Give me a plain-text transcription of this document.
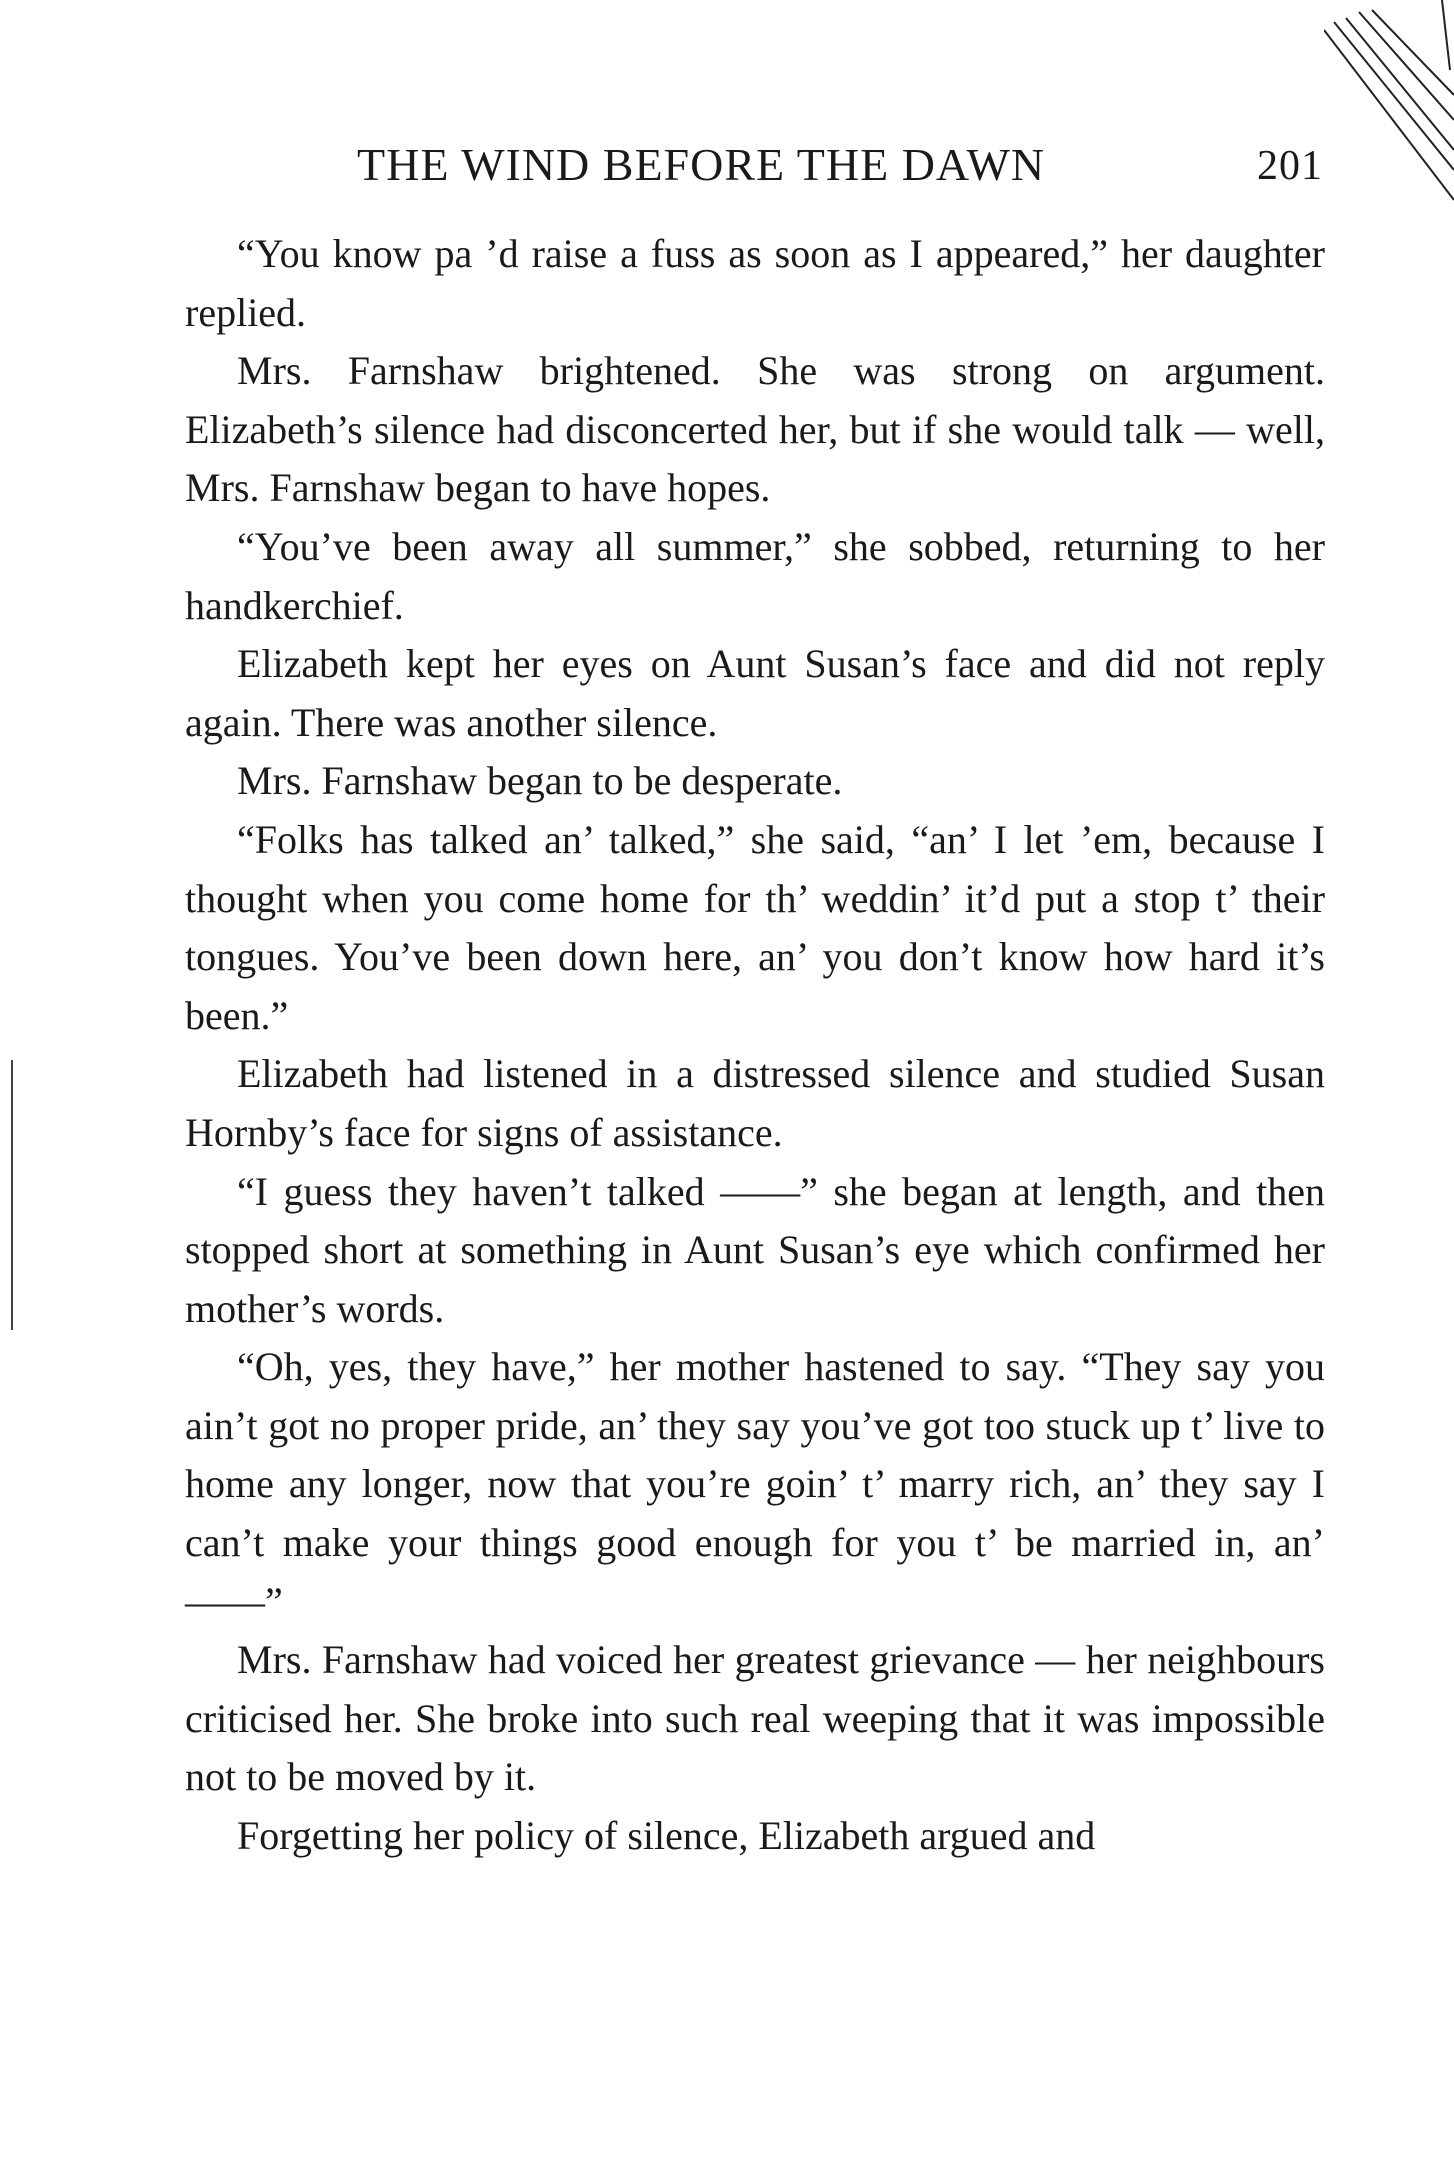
THE WIND BEFORE THE DAWN	201

“You know pa ’d raise a fuss as soon as I appeared,” her daughter replied.

Mrs. Farnshaw brightened. She was strong on argument. Elizabeth’s silence had disconcerted her, but if she would talk — well, Mrs. Farnshaw began to have hopes.

“You’ve been away all summer,” she sobbed, returning to her handkerchief.

Elizabeth kept her eyes on Aunt Susan’s face and did not reply again. There was another silence.

Mrs. Farnshaw began to be desperate.

“Folks has talked an’ talked,” she said, “an’ I let ’em, because I thought when you come home for th’ weddin’ it’d put a stop t’ their tongues. You’ve been down here, an’ you don’t know how hard it’s been.”

Elizabeth had listened in a distressed silence and studied Susan Hornby’s face for signs of assistance.

“I guess they haven’t talked ——” she began at length, and then stopped short at something in Aunt Susan’s eye which confirmed her mother’s words.

“Oh, yes, they have,” her mother hastened to say. “They say you ain’t got no proper pride, an’ they say you’ve got too stuck up t’ live to home any longer, now that you’re goin’ t’ marry rich, an’ they say I can’t make your things good enough for you t’ be married in, an’ ——”

Mrs. Farnshaw had voiced her greatest grievance — her neighbours criticised her. She broke into such real weeping that it was impossible not to be moved by it.

Forgetting her policy of silence, Elizabeth argued and
